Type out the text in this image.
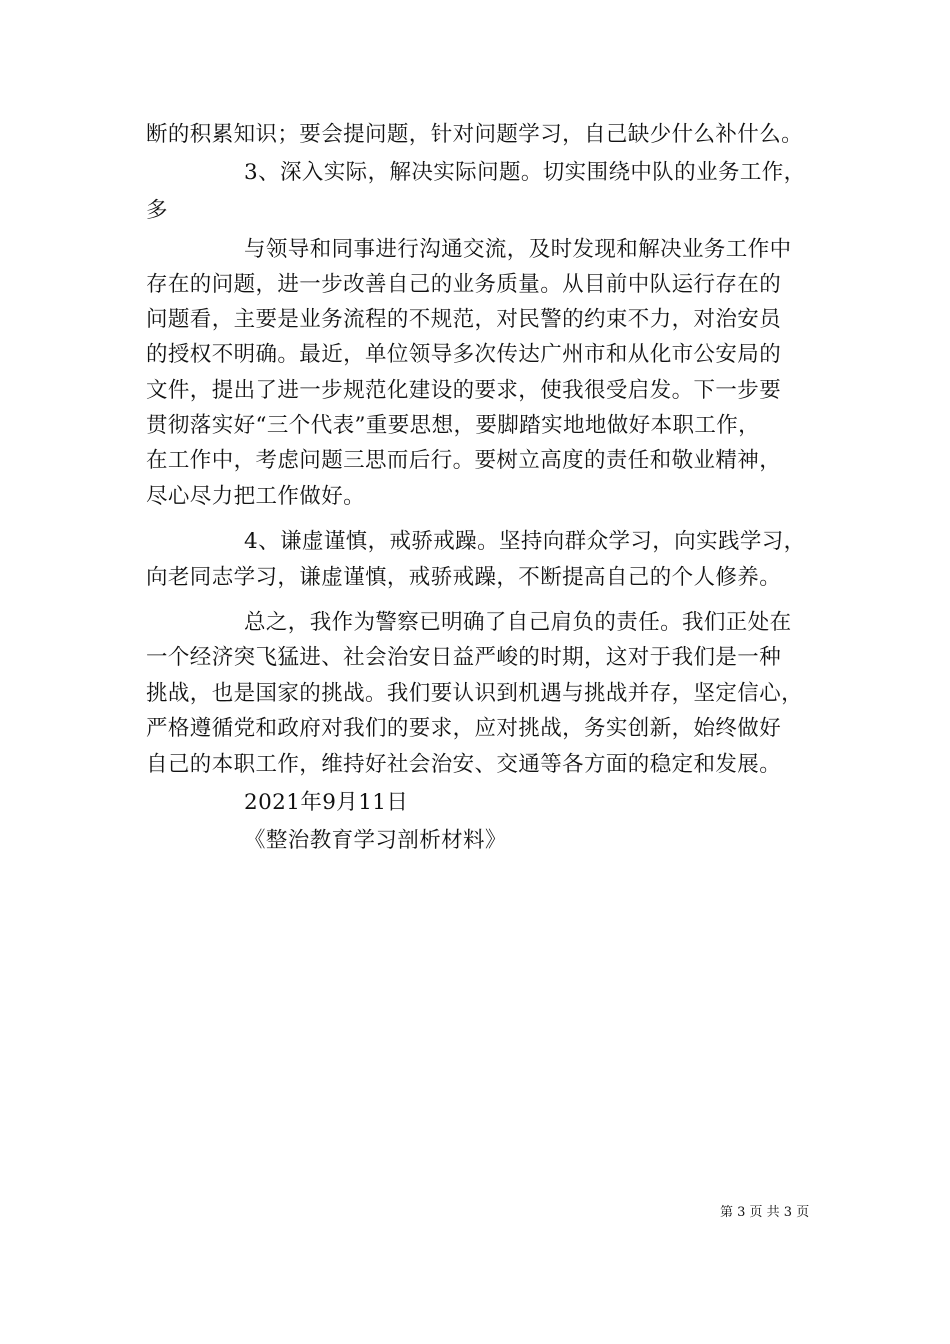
断的积累知识；要会提问题，针对问题学习，自己缺少什么补什么。
3、深入实际，解决实际问题。切实围绕中队的业务工作，
多
与领导和同事进行沟通交流，及时发现和解决业务工作中
存在的问题，进一步改善自己的业务质量。从目前中队运行存在的
问题看，主要是业务流程的不规范，对民警的约束不力，对治安员
的授权不明确。最近，单位领导多次传达广州市和从化市公安局的
文件，提出了进一步规范化建设的要求，使我很受启发。下一步要
贯彻落实好“三个代表”重要思想，要脚踏实地地做好本职工作，
在工作中，考虑问题三思而后行。要树立高度的责任和敬业精神，
尽心尽力把工作做好。
4、谦虚谨慎，戒骄戒躁。坚持向群众学习，向实践学习，
向老同志学习，谦虚谨慎，戒骄戒躁，不断提高自己的个人修养。
总之，我作为警察已明确了自己肩负的责任。我们正处在
一个经济突飞猛进、社会治安日益严峻的时期，这对于我们是一种
挑战，也是国家的挑战。我们要认识到机遇与挑战并存，坚定信心，
严格遵循党和政府对我们的要求，应对挑战，务实创新，始终做好
自己的本职工作，维持好社会治安、交通等各方面的稳定和发展。
2021年9月11日
《整治教育学习剖析材料》
第 3 页 共 3 页
